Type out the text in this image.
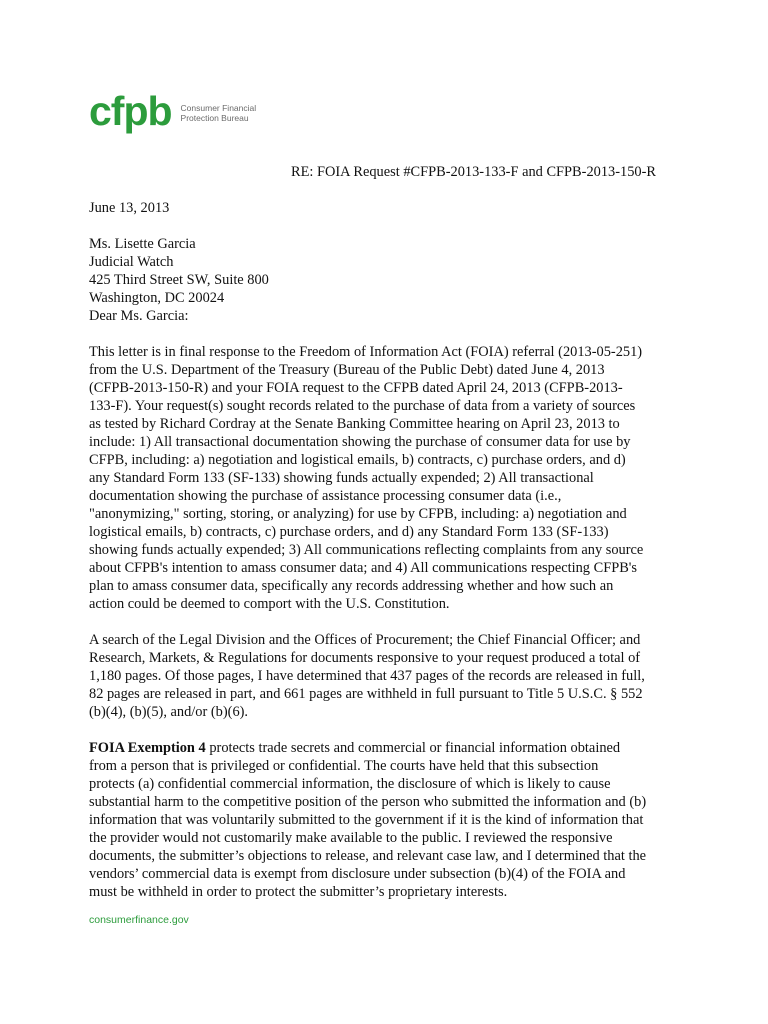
cfpb Consumer Financial
Protection Bureau
RE: FOIA Request #CFPB-2013-133-F and CFPB-2013-150-R
June 13, 2013
Ms. Lisette Garcia
Judicial Watch
425 Third Street SW, Suite 800
Washington, DC 20024
Dear Ms. Garcia:
This letter is in final response to the Freedom of Information Act (FOIA) referral (2013-05-251)
from the U.S. Department of the Treasury (Bureau of the Public Debt) dated June 4, 2013
(CFPB-2013-150-R) and your FOIA request to the CFPB dated April 24, 2013 (CFPB-2013-
133-F). Your request(s) sought records related to the purchase of data from a variety of sources
as tested by Richard Cordray at the Senate Banking Committee hearing on April 23, 2013 to
include: 1) All transactional documentation showing the purchase of consumer data for use by
CFPB, including: a) negotiation and logistical emails, b) contracts, c) purchase orders, and d)
any Standard Form 133 (SF-133) showing funds actually expended; 2) All transactional
documentation showing the purchase of assistance processing consumer data (i.e.,
"anonymizing," sorting, storing, or analyzing) for use by CFPB, including: a) negotiation and
logistical emails, b) contracts, c) purchase orders, and d) any Standard Form 133 (SF-133)
showing funds actually expended; 3) All communications reflecting complaints from any source
about CFPB's intention to amass consumer data; and 4) All communications respecting CFPB's
plan to amass consumer data, specifically any records addressing whether and how such an
action could be deemed to comport with the U.S. Constitution.
A search of the Legal Division and the Offices of Procurement; the Chief Financial Officer; and
Research, Markets, & Regulations for documents responsive to your request produced a total of
1,180 pages. Of those pages, I have determined that 437 pages of the records are released in full,
82 pages are released in part, and 661 pages are withheld in full pursuant to Title 5 U.S.C. § 552
(b)(4), (b)(5), and/or (b)(6).
FOIA Exemption 4 protects trade secrets and commercial or financial information obtained
from a person that is privileged or confidential. The courts have held that this subsection
protects (a) confidential commercial information, the disclosure of which is likely to cause
substantial harm to the competitive position of the person who submitted the information and (b)
information that was voluntarily submitted to the government if it is the kind of information that
the provider would not customarily make available to the public. I reviewed the responsive
documents, the submitter’s objections to release, and relevant case law, and I determined that the
vendors’ commercial data is exempt from disclosure under subsection (b)(4) of the FOIA and
must be withheld in order to protect the submitter’s proprietary interests.
consumerfinance.gov
